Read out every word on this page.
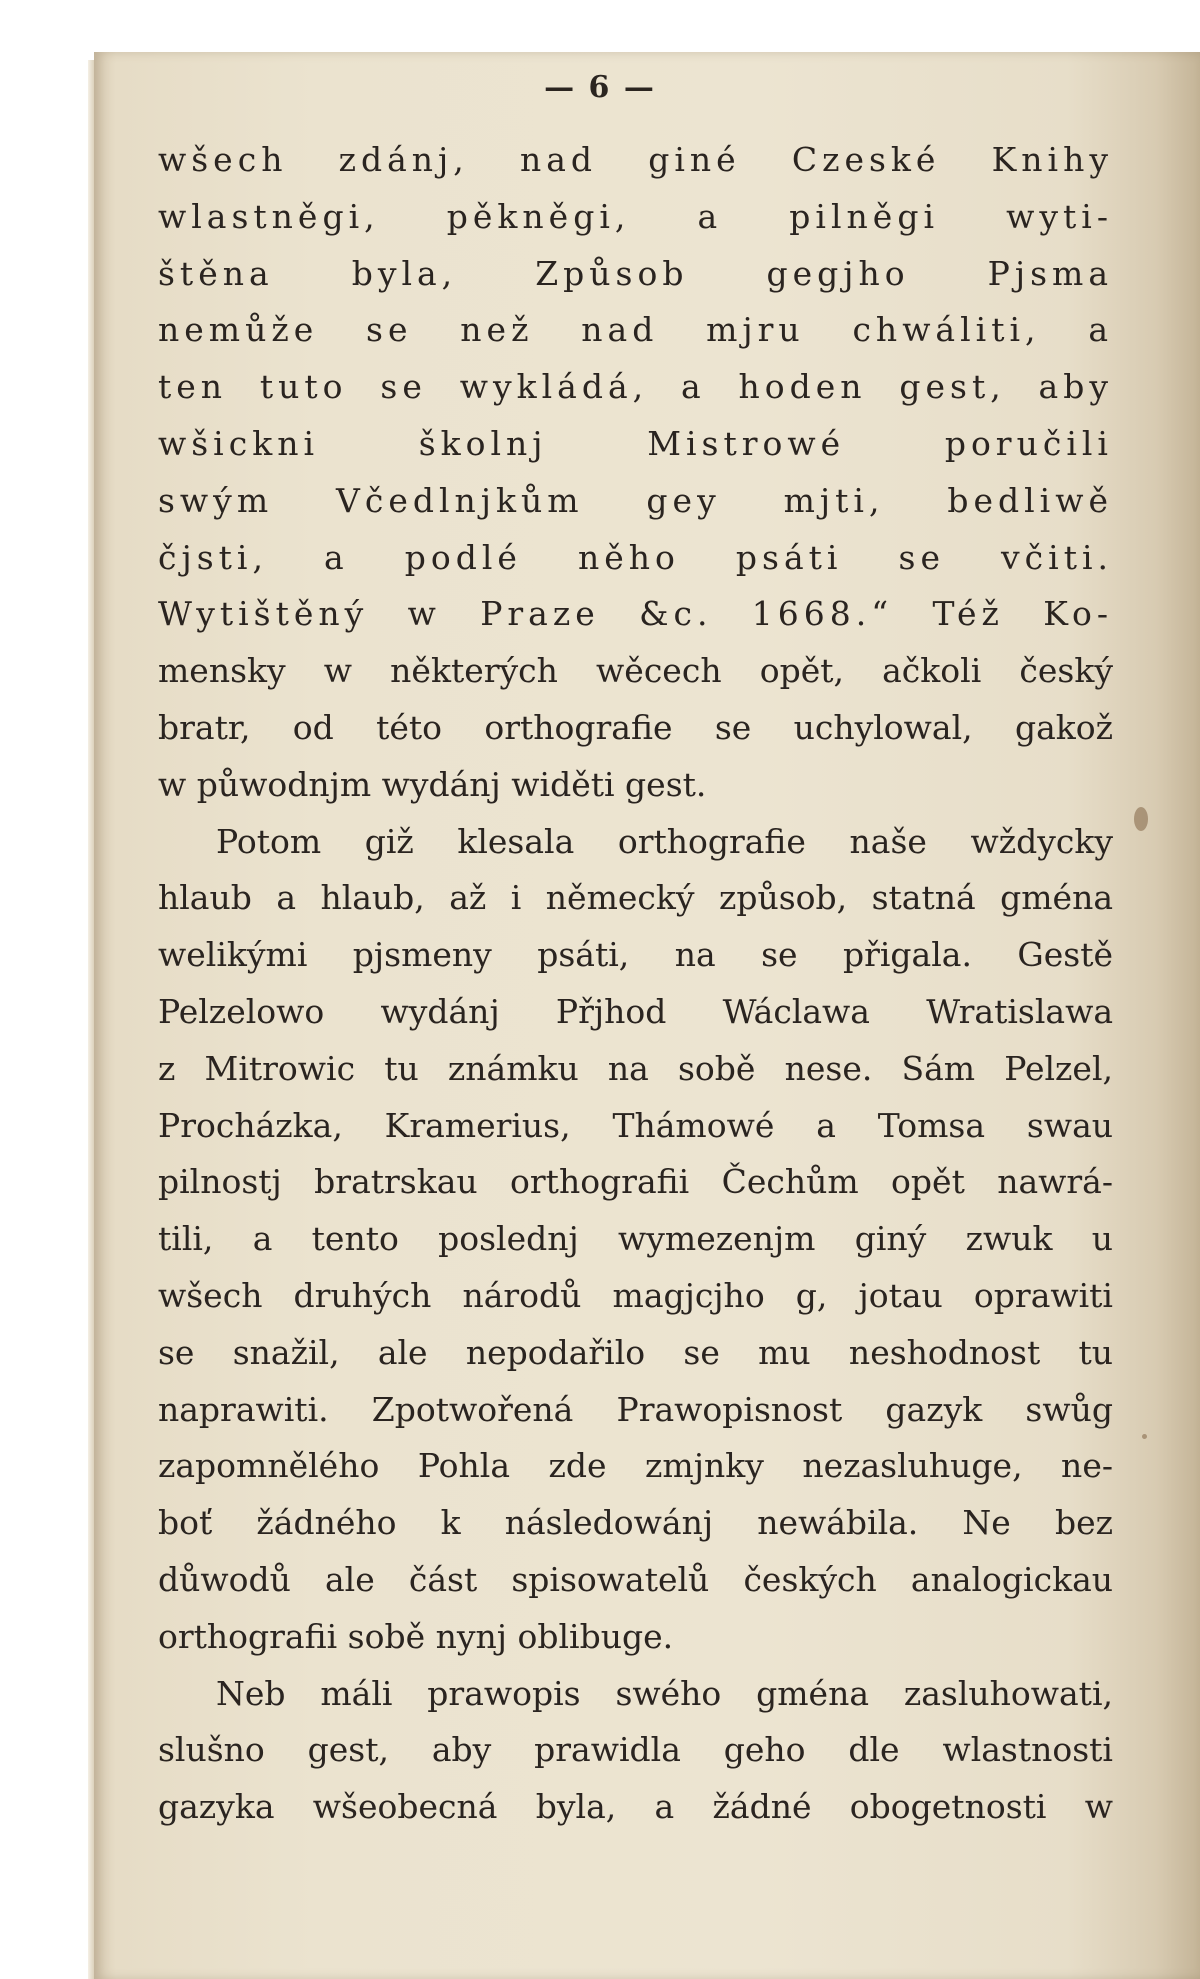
— 6 —
wšech zdánj, nad giné Czeské Knihy
wlastněgi, pěkněgi, a pilněgi wyti-
štěna byla, Způsob gegjho Pjsma
nemůže se než nad mjru chwáliti, a
ten tuto se wykládá, a hoden gest, aby
wšickni školnj Mistrowé poručili
swým Včedlnjkům gey mjti, bedliwě
čjsti, a podlé něho psáti se včiti.
Wytištěný w Praze &c. 1668.“ Též Ko-
mensky w některých wěcech opět, ačkoli český
bratr, od této orthografie se uchylowal, gakož
w půwodnjm wydánj widěti gest.
Potom giž klesala orthografie naše wždycky
hlaub a hlaub, až i německý způsob, statná gména
welikými pjsmeny psáti, na se přigala. Gestě
Pelzelowo wydánj Přjhod Wáclawa Wratislawa
z Mitrowic tu známku na sobě nese. Sám Pelzel,
Procházka, Kramerius, Thámowé a Tomsa swau
pilnostj bratrskau orthografii Čechům opět nawrá-
tili, a tento poslednj wymezenjm giný zwuk u
wšech druhých národů magjcjho g, jotau oprawiti
se snažil, ale nepodařilo se mu neshodnost tu
naprawiti. Zpotwořená Prawopisnost gazyk swůg
zapomnělého Pohla zde zmjnky nezasluhuge, ne-
boť žádného k následowánj newábila. Ne bez
důwodů ale část spisowatelů českých analogickau
orthografii sobě nynj oblibuge.
Neb máli prawopis swého gména zasluhowati,
slušno gest, aby prawidla geho dle wlastnosti
gazyka wšeobecná byla, a žádné obogetnosti w
